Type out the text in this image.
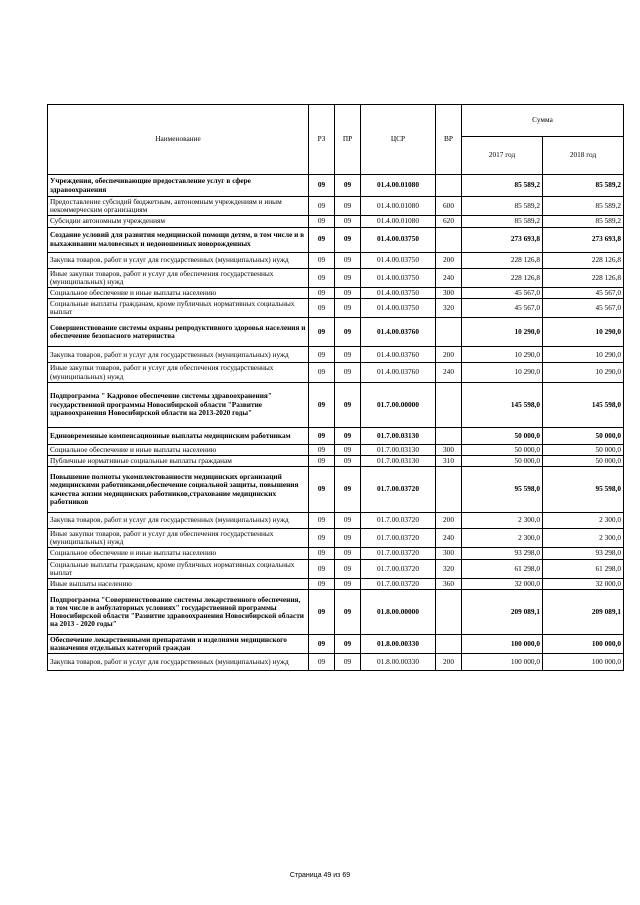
Наименование	РЗ	ПР	ЦСР	ВР	Сумма	
					2017 год	2018 год
Учреждения, обеспечивающие предоставление услуг в сфере здравоохранения	09	09	01.4.00.01080		85 589,2	85 589,2
Предоставление субсидий бюджетным, автономным учреждениям и иным некоммерческим организациям	09	09	01.4.00.01080	600	85 589,2	85 589,2
Субсидии автономным учреждениям	09	09	01.4.00.01080	620	85 589,2	85 589,2
Создание условий для развития медицинской помощи детям, в том числе и в выхаживании маловесных и недоношенных новорожденных	09	09	01.4.00.03750		273 693,8	273 693,8
Закупка товаров, работ и услуг для государственных (муниципальных) нужд	09	09	01.4.00.03750	200	228 126,8	228 126,8
Иные закупки товаров, работ и услуг для обеспечения государственных (муниципальных) нужд	09	09	01.4.00.03750	240	228 126,8	228 126,8
Социальное обеспечение и иные выплаты населению	09	09	01.4.00.03750	300	45 567,0	45 567,0
Социальные выплаты гражданам, кроме публичных нормативных социальных выплат	09	09	01.4.00.03750	320	45 567,0	45 567,0
Совершенствование системы охраны репродуктивного здоровья населения и обеспечение безопасного материнства	09	09	01.4.00.03760		10 290,0	10 290,0
Закупка товаров, работ и услуг для государственных (муниципальных) нужд	09	09	01.4.00.03760	200	10 290,0	10 290,0
Иные закупки товаров, работ и услуг для обеспечения государственных (муниципальных) нужд	09	09	01.4.00.03760	240	10 290,0	10 290,0
Подпрограмма " Кадровое обеспечение системы здравоохранения" государственной программы Новосибирской области "Развитие здравоохранения Новосибирской области на 2013-2020 годы"	09	09	01.7.00.00000		145 598,0	145 598,0
Единовременные компенсационные выплаты медицинским работникам	09	09	01.7.00.03130		50 000,0	50 000,0
Социальное обеспечение и иные выплаты населению	09	09	01.7.00.03130	300	50 000,0	50 000,0
Публичные нормативные социальные выплаты гражданам	09	09	01.7.00.03130	310	50 000,0	50 000,0
Повышение полноты укомплектованности медицинских организаций медицинскими работниками,обеспечение социальной защиты, повышения качества жизни медицинских работников,страхование медицинских работников	09	09	01.7.00.03720		95 598,0	95 598,0
Закупка товаров, работ и услуг для государственных (муниципальных) нужд	09	09	01.7.00.03720	200	2 300,0	2 300,0
Иные закупки товаров, работ и услуг для обеспечения государственных (муниципальных) нужд	09	09	01.7.00.03720	240	2 300,0	2 300,0
Социальное обеспечение и иные выплаты населению	09	09	01.7.00.03720	300	93 298,0	93 298,0
Социальные выплаты гражданам, кроме публичных нормативных социальных выплат	09	09	01.7.00.03720	320	61 298,0	61 298,0
Иные выплаты населению	09	09	01.7.00.03720	360	32 000,0	32 000,0
Подпрограмма "Совершенствование системы лекарственного обеспечения, в том числе в амбулаторных условиях" государственной программы Новосибирской области "Развитие здравоохранения Новосибирской области на 2013 - 2020 годы"	09	09	01.8.00.00000		209 089,1	209 089,1
Обеспечение лекарственными препаратами и изделиями медицинского назначения отдельных категорий граждан	09	09	01.8.00.00330		100 000,0	100 000,0
Закупка товаров, работ и услуг для государственных (муниципальных) нужд	09	09	01.8.00.00330	200	100 000,0	100 000,0
Страница 49 из 69
